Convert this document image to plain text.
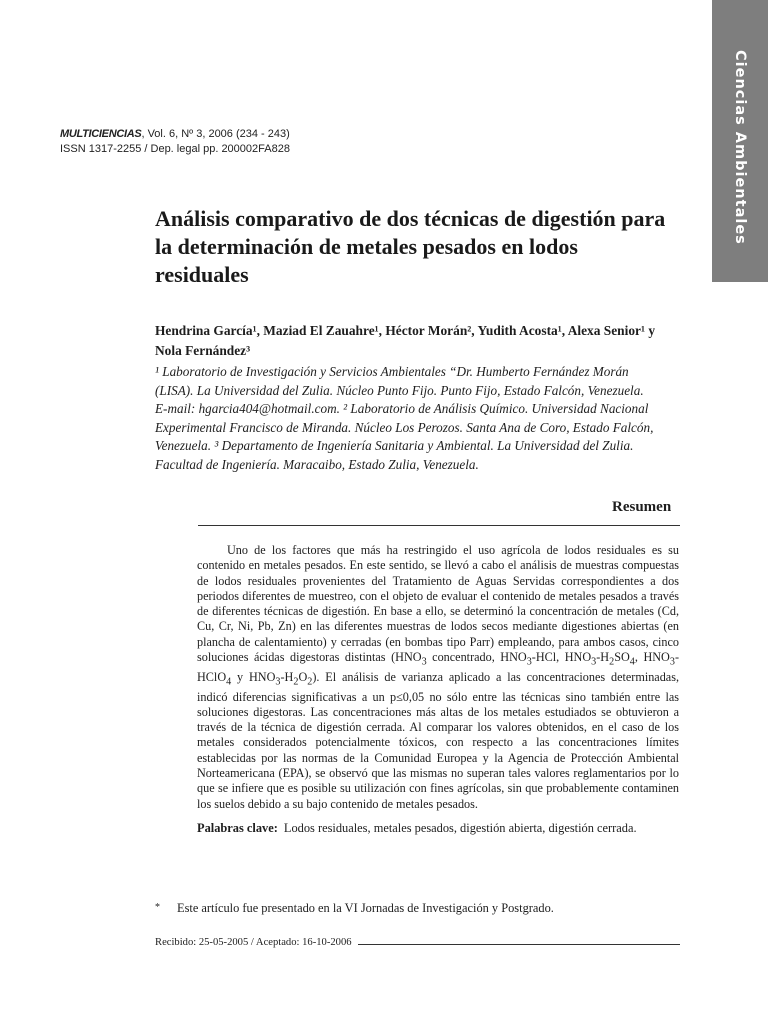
Ciencias Ambientales
MULTICIENCIAS, Vol. 6, Nº 3, 2006 (234 - 243)
ISSN 1317-2255 / Dep. legal pp. 200002FA828
Análisis comparativo de dos técnicas de digestión para la determinación de metales pesados en lodos residuales
Hendrina García¹, Maziad El Zauahre¹, Héctor Morán², Yudith Acosta¹, Alexa Senior¹ y Nola Fernández³
¹ Laboratorio de Investigación y Servicios Ambientales “Dr. Humberto Fernández Morán
(LISA). La Universidad del Zulia. Núcleo Punto Fijo. Punto Fijo, Estado Falcón, Venezuela.
E-mail: hgarcia404@hotmail.com. ² Laboratorio de Análisis Químico. Universidad Nacional
Experimental Francisco de Miranda. Núcleo Los Perozos. Santa Ana de Coro, Estado Falcón,
Venezuela. ³ Departamento de Ingeniería Sanitaria y Ambiental. La Universidad del Zulia.
Facultad de Ingeniería. Maracaibo, Estado Zulia, Venezuela.
Resumen

Uno de los factores que más ha restringido el uso agrícola de lodos residuales es su contenido en metales pesados. En este sentido, se llevó a cabo el análisis de muestras compuestas de lodos residuales provenientes del Tratamiento de Aguas Servidas correspondientes a dos periodos diferentes de muestreo, con el objeto de evaluar el contenido de metales pesados a través de diferentes técnicas de digestión. En base a ello, se determinó la concentración de metales (Cd, Cu, Cr, Ni, Pb, Zn) en las diferentes muestras de lodos secos mediante digestiones abiertas (en plancha de calentamiento) y cerradas (en bombas tipo Parr) empleando, para ambos casos, cinco soluciones ácidas digestoras distintas ($HNO_3$ concentrado, $HNO_3$-HCl, $HNO_3-H_2SO_4$, $HNO_3-HClO_4$ y $HNO_3-H_2O_2$). El análisis de varianza aplicado a las concentraciones determinadas, indicó diferencias significativas a un p≤0,05 no sólo entre las técnicas sino también entre las soluciones digestoras. Las concentraciones más altas de los metales estudiados se obtuvieron a través de la técnica de digestión cerrada. Al comparar los valores obtenidos, en el caso de los metales considerados potencialmente tóxicos, con respecto a las concentraciones límites establecidas por las normas de la Comunidad Europea y la Agencia de Protección Ambiental Norteamericana (EPA), se observó que las mismas no superan tales valores reglamentarios por lo que se infiere que es posible su utilización con fines agrícolas, sin que probablemente contaminen los suelos debido a su bajo contenido de metales pesados.

Palabras clave: Lodos residuales, metales pesados, digestión abierta, digestión cerrada.
* Este artículo fue presentado en la VI Jornadas de Investigación y Postgrado.
Recibido: 25-05-2005 / Aceptado: 16-10-2006
